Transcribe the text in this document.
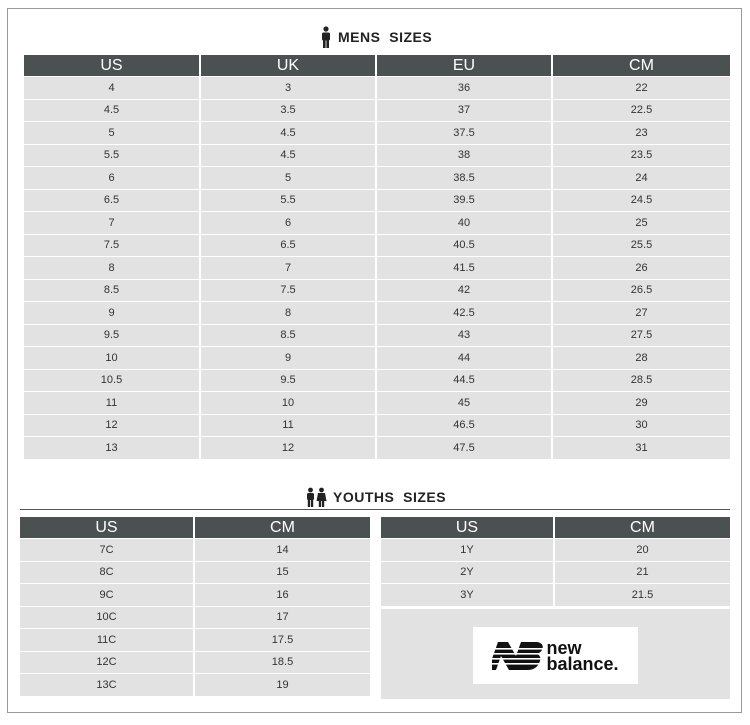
MENS  SIZES
US	UK	EU	CM
4	3	36	22
4.5	3.5	37	22.5
5	4.5	37.5	23
5.5	4.5	38	23.5
6	5	38.5	24
6.5	5.5	39.5	24.5
7	6	40	25
7.5	6.5	40.5	25.5
8	7	41.5	26
8.5	7.5	42	26.5
9	8	42.5	27
9.5	8.5	43	27.5
10	9	44	28
10.5	9.5	44.5	28.5
11	10	45	29
12	11	46.5	30
13	12	47.5	31
YOUTHS  SIZES
US	CM
7C	14
8C	15
9C	16
10C	17
11C	17.5
12C	18.5
13C	19
US	CM
1Y	20
2Y	21
3Y	21.5
new
balance.
